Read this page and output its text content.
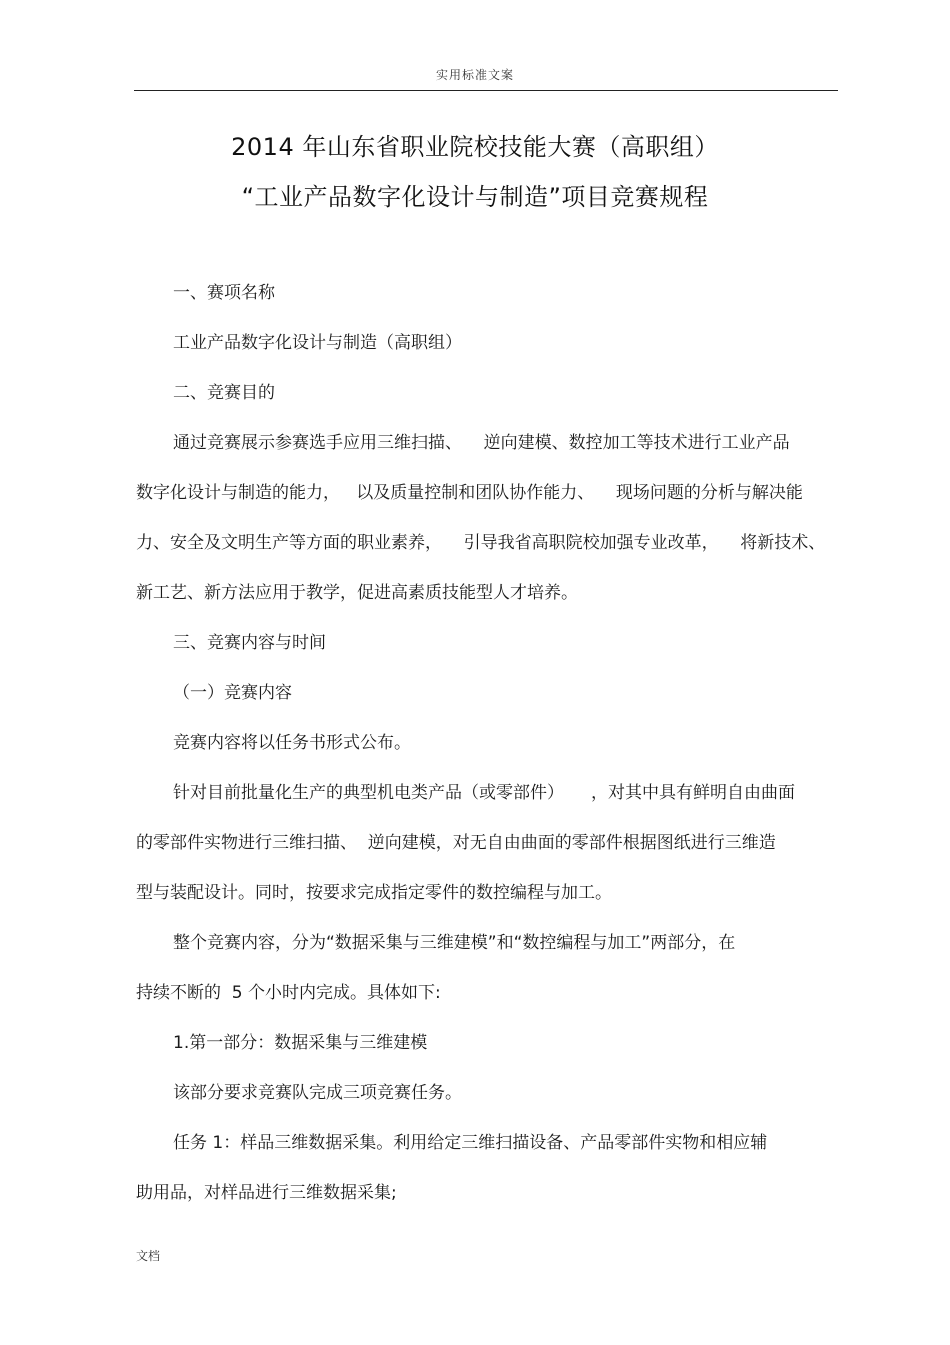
实用标准文案
2014 年山东省职业院校技能大赛（高职组）
“工业产品数字化设计与制造”项目竞赛规程
一、赛项名称
工业产品数字化设计与制造（高职组）
二、竞赛目的
通过竞赛展示参赛选手应用三维扫描、    逆向建模、数控加工等技术进行工业产品
数字化设计与制造的能力，   以及质量控制和团队协作能力、    现场问题的分析与解决能
力、安全及文明生产等方面的职业素养，    引导我省高职院校加强专业改革，    将新技术、
新工艺、新方法应用于教学，促进高素质技能型人才培养。
三、竞赛内容与时间
（一）竞赛内容
竞赛内容将以任务书形式公布。
针对目前批量化生产的典型机电类产品（或零部件）     ，对其中具有鲜明自由曲面
的零部件实物进行三维扫描、  逆向建模，对无自由曲面的零部件根据图纸进行三维造
型与装配设计。同时，按要求完成指定零件的数控编程与加工。
整个竞赛内容，分为“数据采集与三维建模”和“数控编程与加工”两部分，在
持续不断的  5 个小时内完成。具体如下:
1.第一部分：数据采集与三维建模
该部分要求竞赛队完成三项竞赛任务。
任务 1：样品三维数据采集。利用给定三维扫描设备、产品零部件实物和相应辅
助用品，对样品进行三维数据采集;
文档
